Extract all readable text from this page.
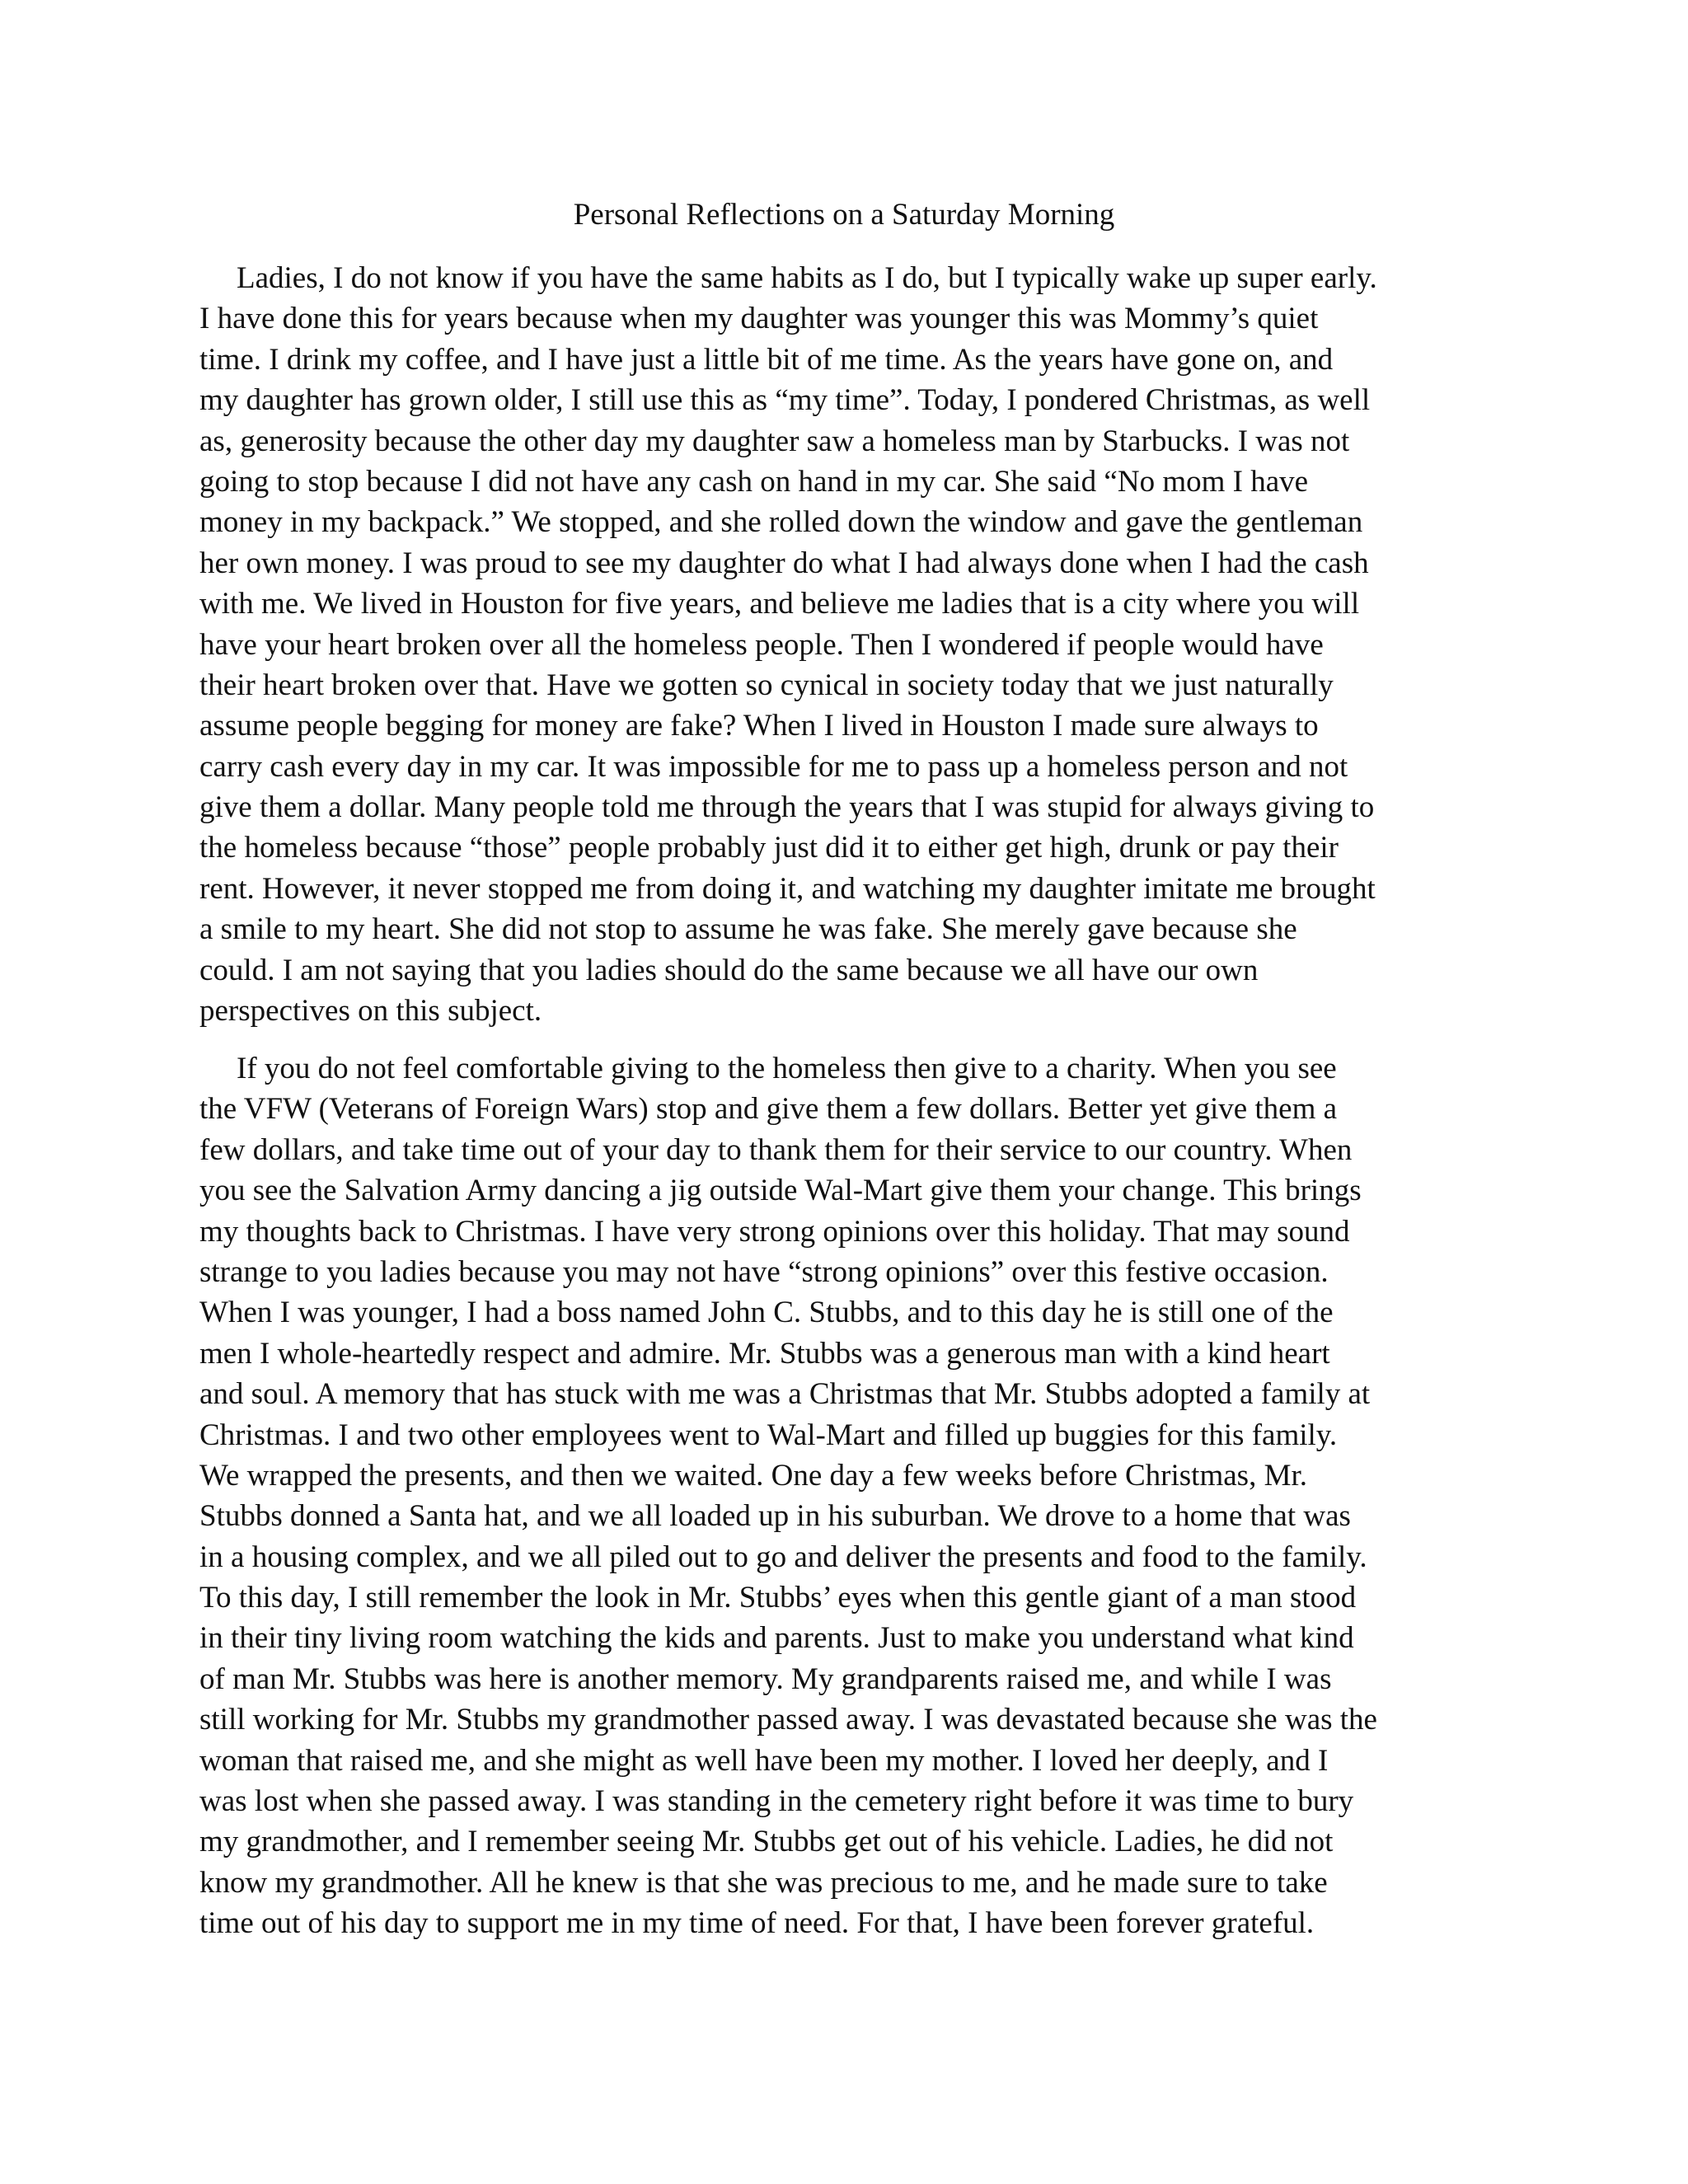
Personal Reflections on a Saturday Morning
Ladies, I do not know if you have the same habits as I do, but I typically wake up super early.
I have done this for years because when my daughter was younger this was Mommy’s quiet
time. I drink my coffee, and I have just a little bit of me time. As the years have gone on, and
my daughter has grown older, I still use this as “my time”. Today, I pondered Christmas, as well
as, generosity because the other day my daughter saw a homeless man by Starbucks. I was not
going to stop because I did not have any cash on hand in my car. She said “No mom I have
money in my backpack.” We stopped, and she rolled down the window and gave the gentleman
her own money. I was proud to see my daughter do what I had always done when I had the cash
with me. We lived in Houston for five years, and believe me ladies that is a city where you will
have your heart broken over all the homeless people. Then I wondered if people would have
their heart broken over that. Have we gotten so cynical in society today that we just naturally
assume people begging for money are fake? When I lived in Houston I made sure always to
carry cash every day in my car. It was impossible for me to pass up a homeless person and not
give them a dollar. Many people told me through the years that I was stupid for always giving to
the homeless because “those” people probably just did it to either get high, drunk or pay their
rent. However, it never stopped me from doing it, and watching my daughter imitate me brought
a smile to my heart. She did not stop to assume he was fake. She merely gave because she
could. I am not saying that you ladies should do the same because we all have our own
perspectives on this subject.
If you do not feel comfortable giving to the homeless then give to a charity. When you see
the VFW (Veterans of Foreign Wars) stop and give them a few dollars. Better yet give them a
few dollars, and take time out of your day to thank them for their service to our country. When
you see the Salvation Army dancing a jig outside Wal-Mart give them your change. This brings
my thoughts back to Christmas. I have very strong opinions over this holiday. That may sound
strange to you ladies because you may not have “strong opinions” over this festive occasion.
When I was younger, I had a boss named John C. Stubbs, and to this day he is still one of the
men I whole-heartedly respect and admire. Mr. Stubbs was a generous man with a kind heart
and soul. A memory that has stuck with me was a Christmas that Mr. Stubbs adopted a family at
Christmas. I and two other employees went to Wal-Mart and filled up buggies for this family.
We wrapped the presents, and then we waited. One day a few weeks before Christmas, Mr.
Stubbs donned a Santa hat, and we all loaded up in his suburban. We drove to a home that was
in a housing complex, and we all piled out to go and deliver the presents and food to the family.
To this day, I still remember the look in Mr. Stubbs’ eyes when this gentle giant of a man stood
in their tiny living room watching the kids and parents. Just to make you understand what kind
of man Mr. Stubbs was here is another memory. My grandparents raised me, and while I was
still working for Mr. Stubbs my grandmother passed away. I was devastated because she was the
woman that raised me, and she might as well have been my mother. I loved her deeply, and I
was lost when she passed away. I was standing in the cemetery right before it was time to bury
my grandmother, and I remember seeing Mr. Stubbs get out of his vehicle. Ladies, he did not
know my grandmother. All he knew is that she was precious to me, and he made sure to take
time out of his day to support me in my time of need. For that, I have been forever grateful.
